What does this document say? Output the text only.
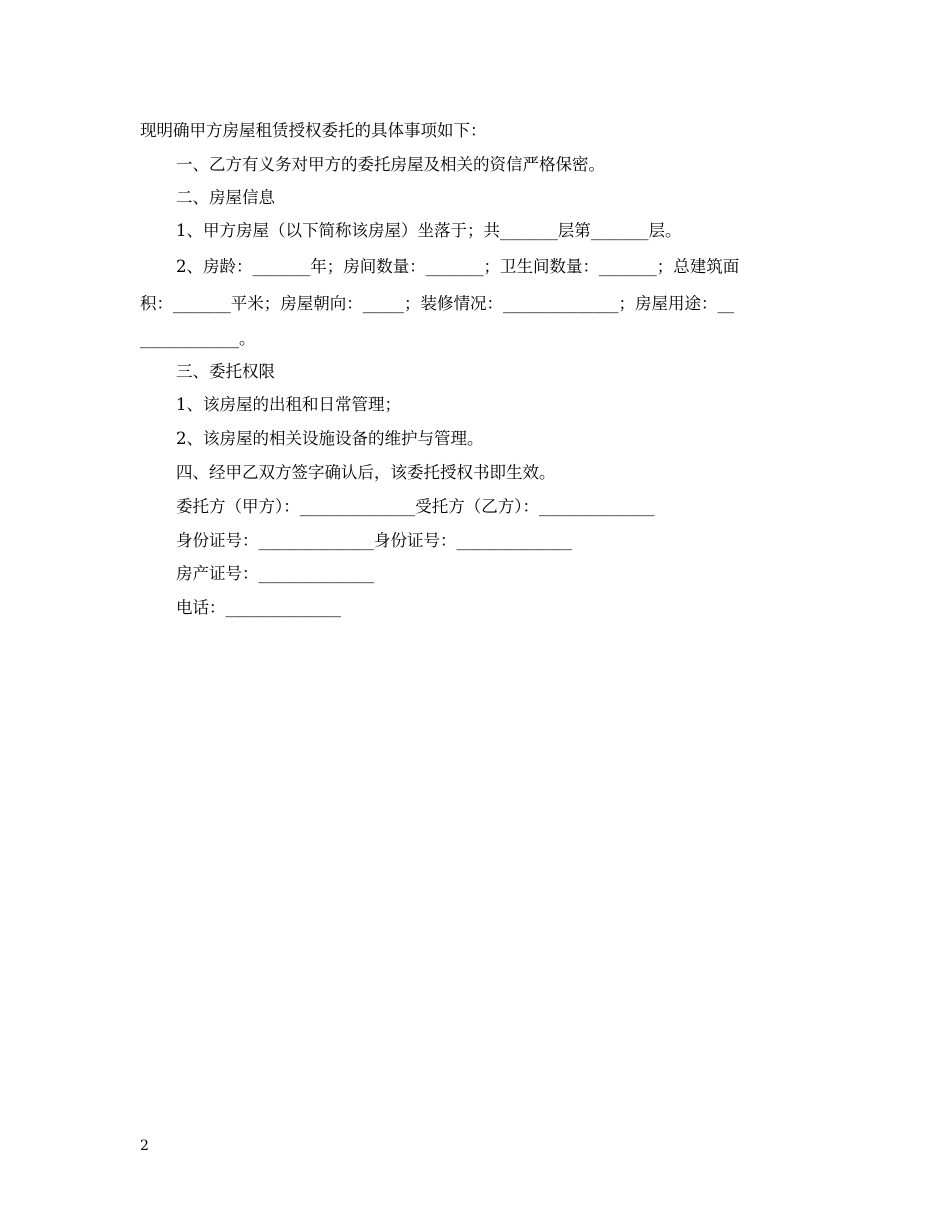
现明确甲方房屋租赁授权委托的具体事项如下：
一、乙方有义务对甲方的委托房屋及相关的资信严格保密。
二、房屋信息
1、甲方房屋（以下简称该房屋）坐落于；共_______层第_______层。
2、房龄：_______年；房间数量：_______；卫生间数量：_______；总建筑面
积：_______平米；房屋朝向：_____；装修情况：______________；房屋用途：__
____________。
三、委托权限
1、该房屋的出租和日常管理；
2、该房屋的相关设施设备的维护与管理。
四、经甲乙双方签字确认后，该委托授权书即生效。
委托方（甲方）：______________受托方（乙方）：______________
身份证号：______________身份证号：______________
房产证号：______________
电话：______________
2
